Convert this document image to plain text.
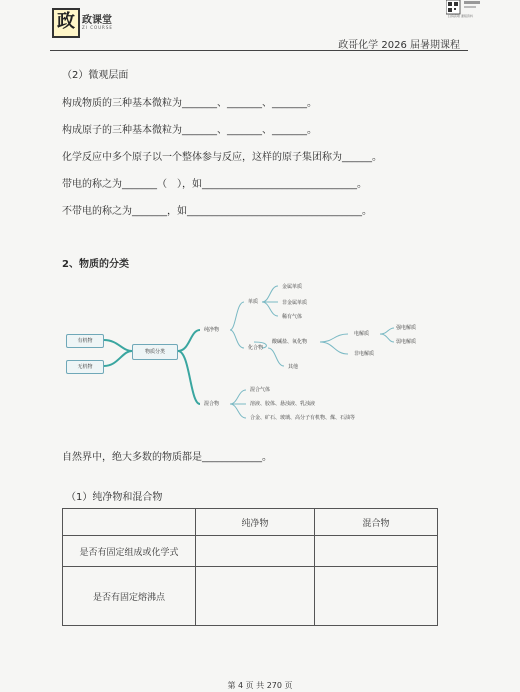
政 政课堂
ZI COURSE
扫码获取 课程资料
政哥化学 2026 届暑期课程
（2）微观层面
构成物质的三种基本微粒为_______、_______、_______。
构成原子的三种基本微粒为_______、_______、_______。
化学反应中多个原子以一个整体参与反应，这样的原子集团称为______。
带电的称之为_______（　），如_______________________________。
不带电的称之为_______，如___________________________________。
2、物质的分类
有机物
无机物
物质分类
纯净物
混合物
单质
化合物
金属单质
非金属单质
稀有气体
酸碱盐、氧化物
其他
电解质
非电解质
强电解质
弱电解质
混合气体
溶液、胶体、悬浊液、乳浊液
合金、矿石、玻璃、高分子有机物、煤、石油等
自然界中，绝大多数的物质都是____________。
（1）纯净物和混合物
	纯净物	混合物
是否有固定组成或化学式		
是否有固定熔沸点		
第 4 页 共 270 页
